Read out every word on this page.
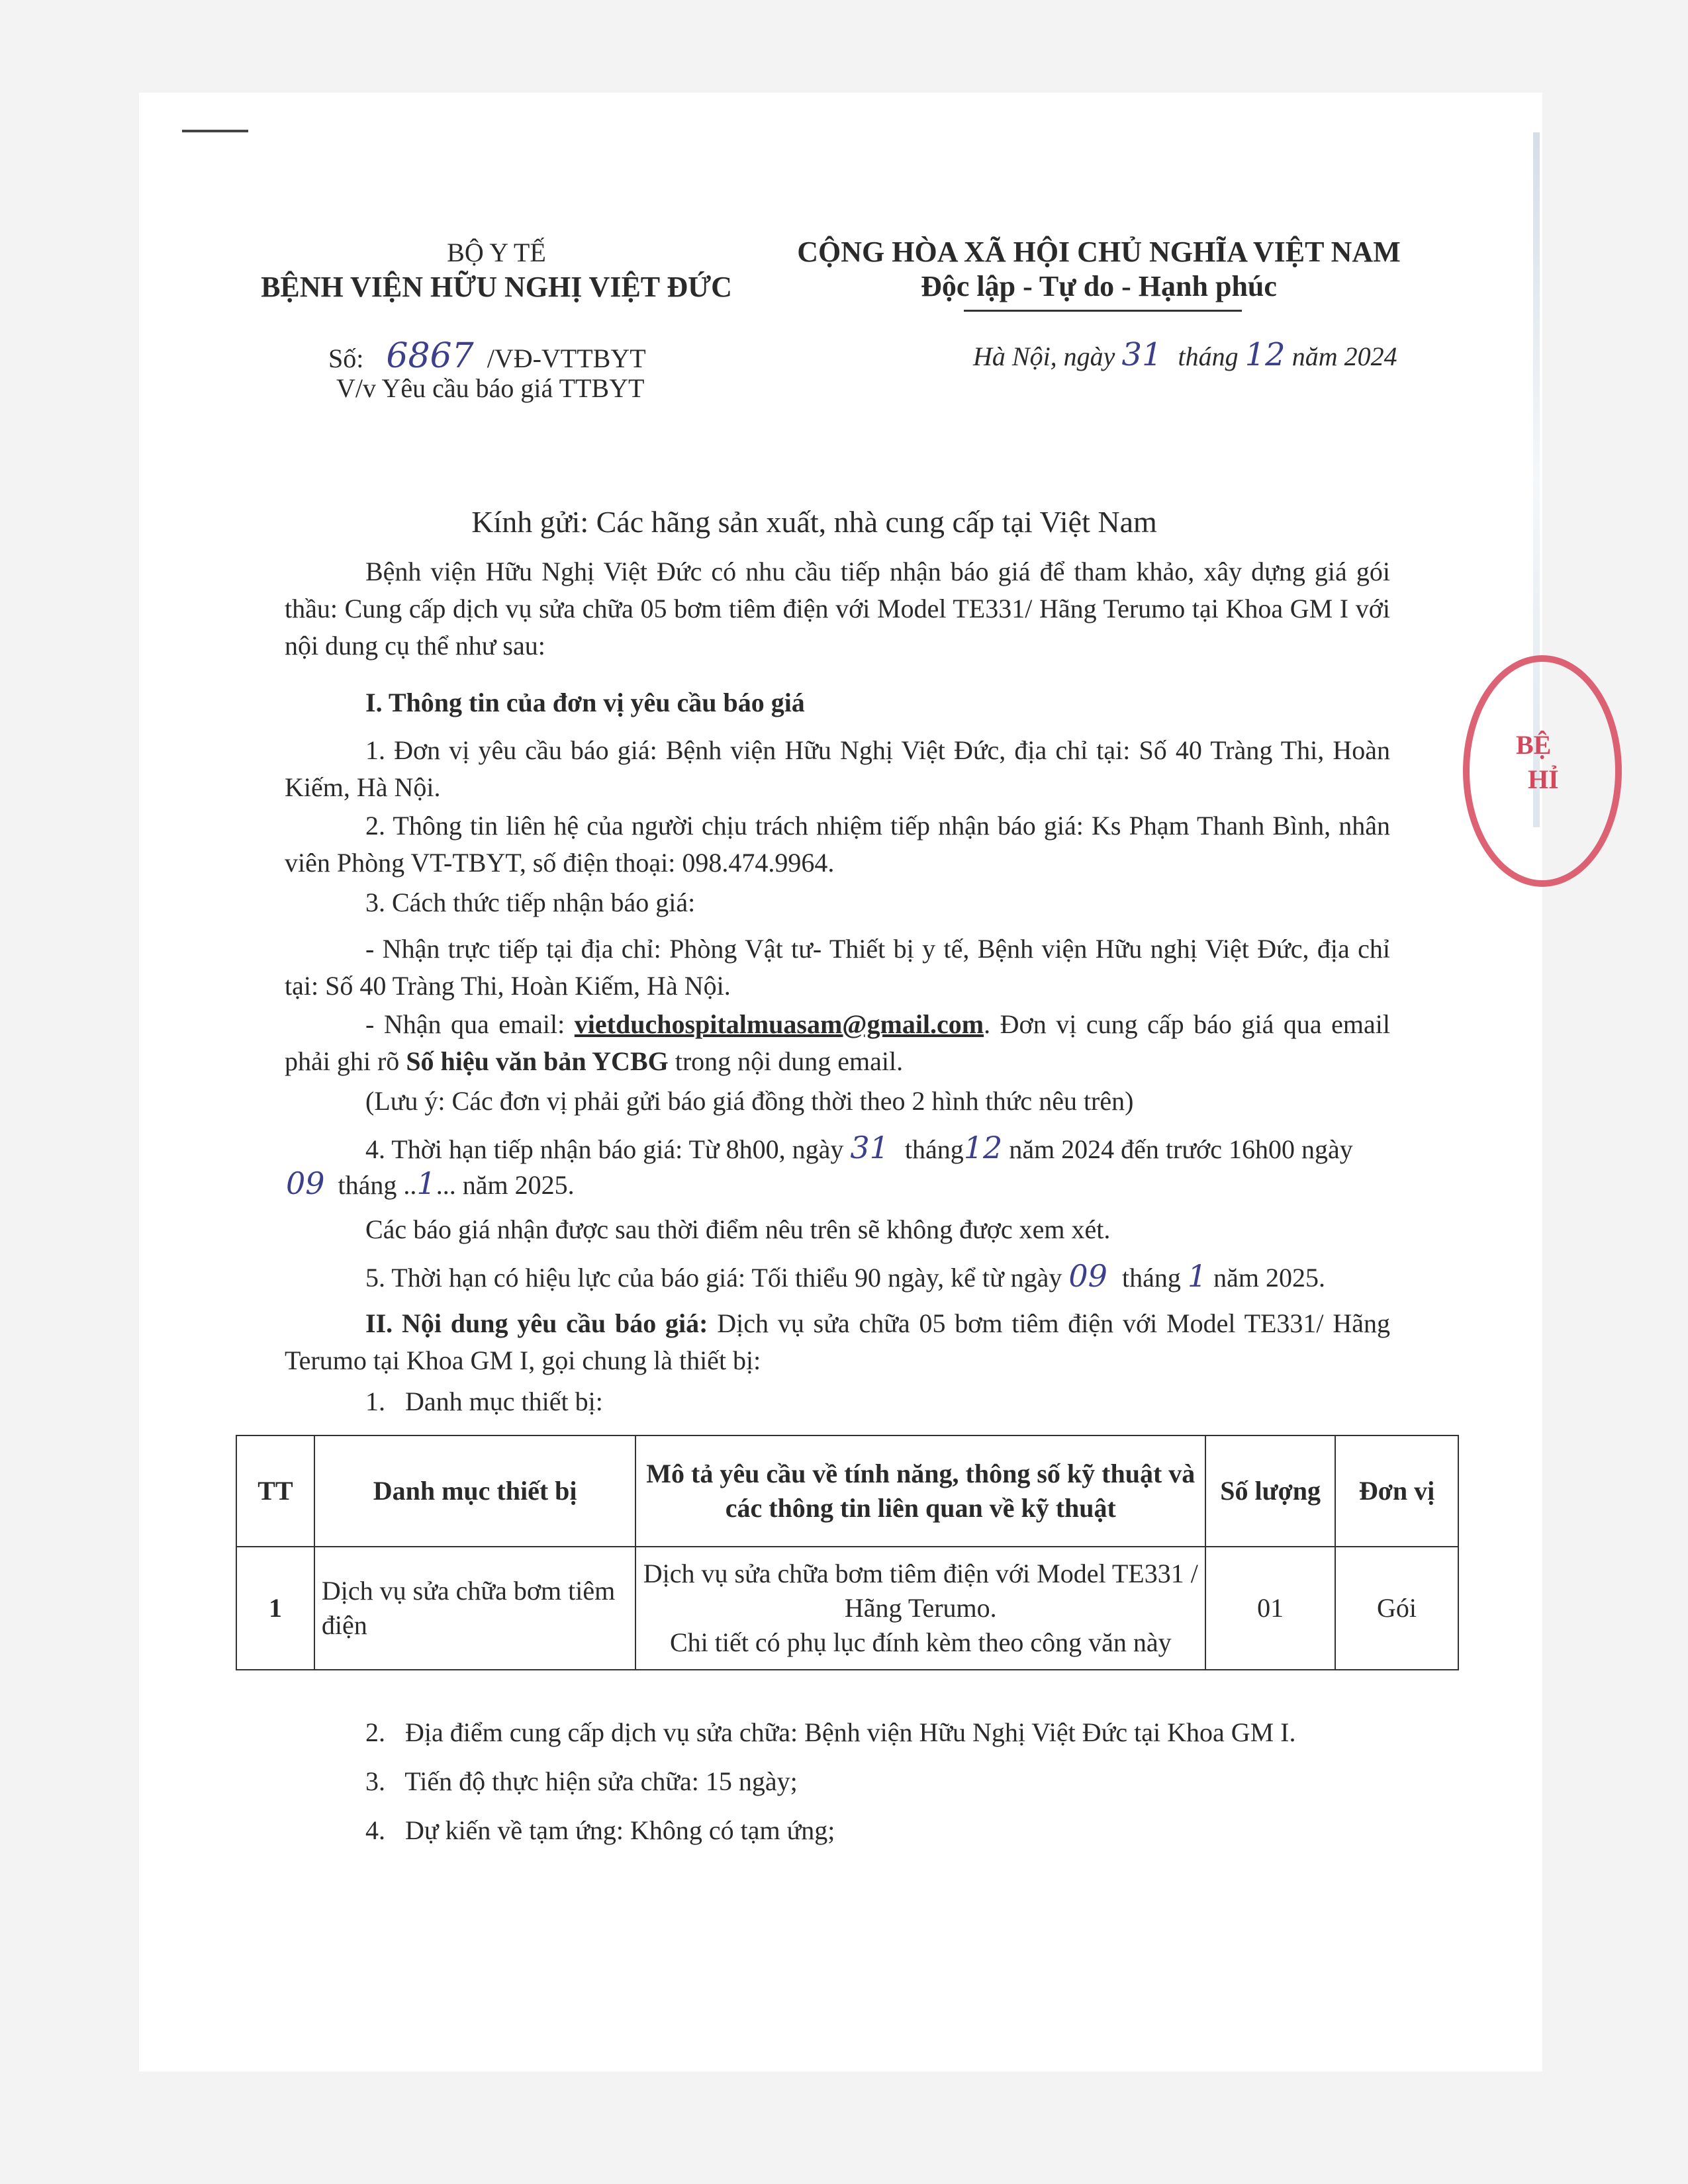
BỘ Y TẾ
BỆNH VIỆN HỮU NGHỊ VIỆT ĐỨC
CỘNG HÒA XÃ HỘI CHỦ NGHĨA VIỆT NAM
Độc lập - Tự do - Hạnh phúc
Số: 6867 /VĐ-VTTBYT
V/v Yêu cầu báo giá TTBYT
Hà Nội, ngày 31 tháng 12 năm 2024
Kính gửi: Các hãng sản xuất, nhà cung cấp tại Việt Nam
Bệnh viện Hữu Nghị Việt Đức có nhu cầu tiếp nhận báo giá để tham khảo, xây dựng giá gói thầu: Cung cấp dịch vụ sửa chữa 05 bơm tiêm điện với Model TE331/ Hãng Terumo tại Khoa GM I với nội dung cụ thể như sau:
I. Thông tin của đơn vị yêu cầu báo giá
1. Đơn vị yêu cầu báo giá: Bệnh viện Hữu Nghị Việt Đức, địa chỉ tại: Số 40 Tràng Thi, Hoàn Kiếm, Hà Nội.
2. Thông tin liên hệ của người chịu trách nhiệm tiếp nhận báo giá: Ks Phạm Thanh Bình, nhân viên Phòng VT-TBYT, số điện thoại: 098.474.9964.
3. Cách thức tiếp nhận báo giá:
- Nhận trực tiếp tại địa chỉ: Phòng Vật tư- Thiết bị y tế, Bệnh viện Hữu nghị Việt Đức, địa chỉ tại: Số 40 Tràng Thi, Hoàn Kiếm, Hà Nội.
- Nhận qua email: vietduchospitalmuasam@gmail.com. Đơn vị cung cấp báo giá qua email phải ghi rõ Số hiệu văn bản YCBG trong nội dung email.
(Lưu ý: Các đơn vị phải gửi báo giá đồng thời theo 2 hình thức nêu trên)
4. Thời hạn tiếp nhận báo giá: Từ 8h00, ngày 31 tháng12 năm 2024 đến trước 16h00 ngày
09 tháng ..1... năm 2025.
Các báo giá nhận được sau thời điểm nêu trên sẽ không được xem xét.
5. Thời hạn có hiệu lực của báo giá: Tối thiểu 90 ngày, kể từ ngày 09 tháng 1 năm 2025.
II. Nội dung yêu cầu báo giá: Dịch vụ sửa chữa 05 bơm tiêm điện với Model TE331/ Hãng Terumo tại Khoa GM I, gọi chung là thiết bị:
1.   Danh mục thiết bị:
TT	Danh mục thiết bị	Mô tả yêu cầu về tính năng, thông số kỹ thuật và các thông tin liên quan về kỹ thuật	Số lượng	Đơn vị
1	Dịch vụ sửa chữa bơm tiêm điện	Dịch vụ sửa chữa bơm tiêm điện với Model TE331 / Hãng Terumo.
Chi tiết có phụ lục đính kèm theo công văn này	01	Gói
2.   Địa điểm cung cấp dịch vụ sửa chữa: Bệnh viện Hữu Nghị Việt Đức tại Khoa GM I.
3.   Tiến độ thực hiện sửa chữa: 15 ngày;
4.   Dự kiến về tạm ứng: Không có tạm ứng;
BỆ
HỈ
